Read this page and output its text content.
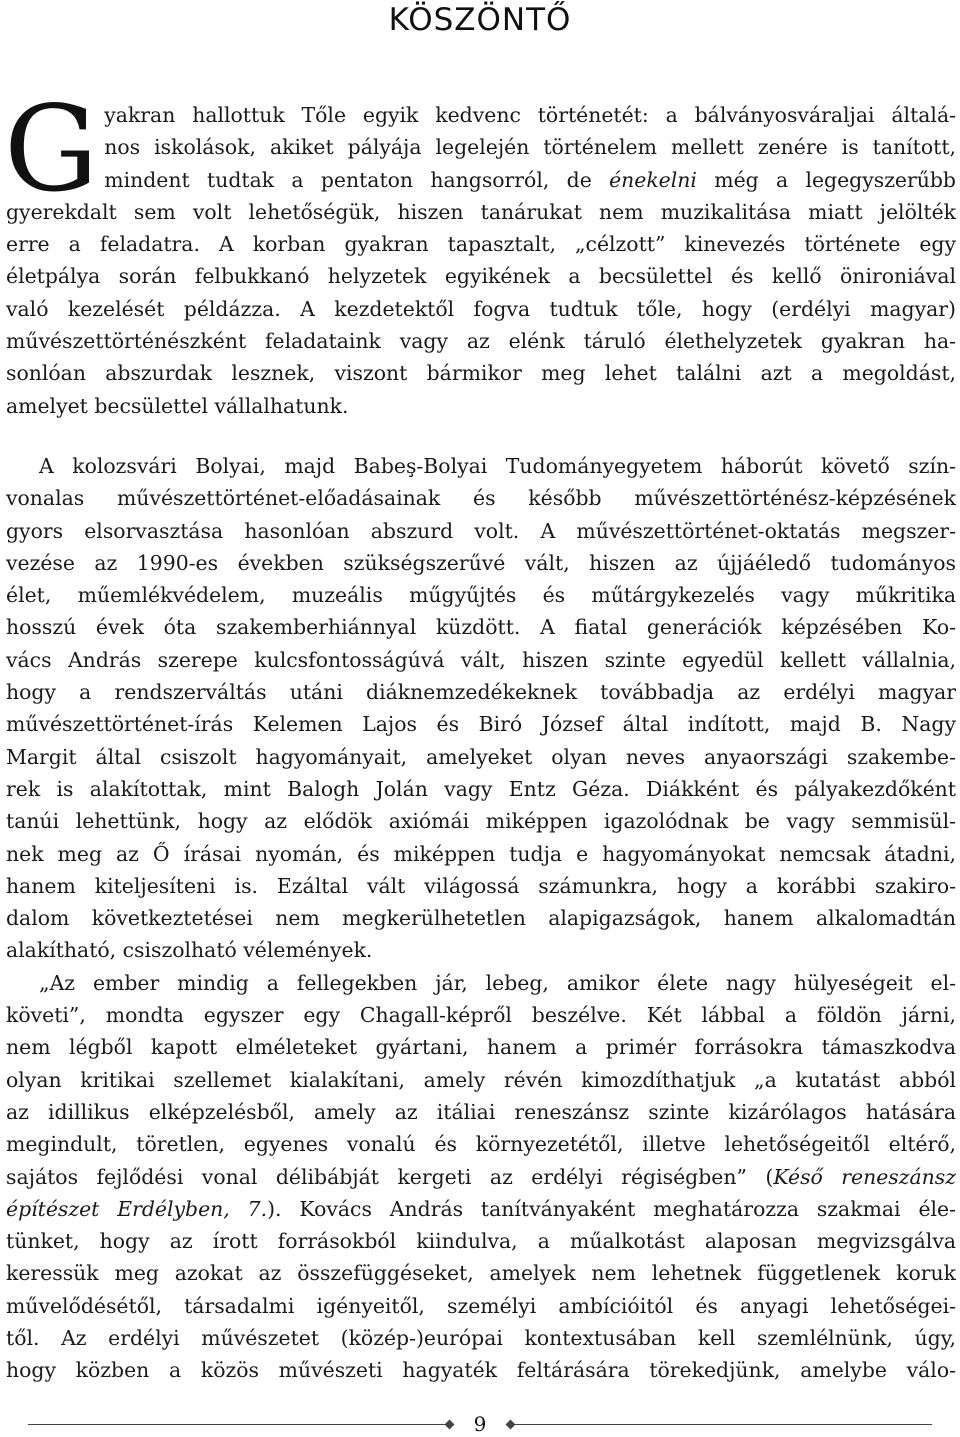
KÖSZÖNTŐ
G yakran hallottuk Tőle egyik kedvenc történetét: a bálványosváraljai általá-
nos iskolások, akiket pályája legelején történelem mellett zenére is tanított,
mindent tudtak a pentaton hangsorról, de énekelni még a legegyszerűbb
gyerekdalt sem volt lehetőségük, hiszen tanárukat nem muzikalitása miatt jelölték
erre a feladatra. A korban gyakran tapasztalt, „célzott” kinevezés története egy
életpálya során felbukkanó helyzetek egyikének a becsülettel és kellő önironiával
való kezelését példázza. A kezdetektől fogva tudtuk tőle, hogy (erdélyi magyar)
művészettörténészként feladataink vagy az elénk táruló élethelyzetek gyakran ha-
sonlóan abszurdak lesznek, viszont bármikor meg lehet találni azt a megoldást,
amelyet becsülettel vállalhatunk.
A kolozsvári Bolyai, majd Babeş-Bolyai Tudományegyetem háborút követő szín-
vonalas művészettörténet-előadásainak és később művészettörténész-képzésének
gyors elsorvasztása hasonlóan abszurd volt. A művészettörténet-oktatás megszer-
vezése az 1990-es években szükségszerűvé vált, hiszen az újjáéledő tudományos
élet, műemlékvédelem, muzeális műgyűjtés és műtárgykezelés vagy műkritika
hosszú évek óta szakemberhiánnyal küzdött. A fiatal generációk képzésében Ko-
vács András szerepe kulcsfontosságúvá vált, hiszen szinte egyedül kellett vállalnia,
hogy a rendszerváltás utáni diáknemzedékeknek továbbadja az erdélyi magyar
művészettörténet-írás Kelemen Lajos és Biró József által indított, majd B. Nagy
Margit által csiszolt hagyományait, amelyeket olyan neves anyaországi szakembe-
rek is alakítottak, mint Balogh Jolán vagy Entz Géza. Diákként és pályakezdőként
tanúi lehettünk, hogy az elődök axiómái miképpen igazolódnak be vagy semmisül-
nek meg az Ő írásai nyomán, és miképpen tudja e hagyományokat nemcsak átadni,
hanem kiteljesíteni is. Ezáltal vált világossá számunkra, hogy a korábbi szakiro-
dalom következtetései nem megkerülhetetlen alapigazságok, hanem alkalomadtán
alakítható, csiszolható vélemények.
„Az ember mindig a fellegekben jár, lebeg, amikor élete nagy hülyeségeit el-
követi”, mondta egyszer egy Chagall-képről beszélve. Két lábbal a földön járni,
nem légből kapott elméleteket gyártani, hanem a primér forrásokra támaszkodva
olyan kritikai szellemet kialakítani, amely révén kimozdíthatjuk „a kutatást abból
az idillikus elképzelésből, amely az itáliai reneszánsz szinte kizárólagos hatására
megindult, töretlen, egyenes vonalú és környezetétől, illetve lehetőségeitől eltérő,
sajátos fejlődési vonal délibábját kergeti az erdélyi régiségben” (Késő reneszánsz
építészet Erdélyben, 7.). Kovács András tanítványaként meghatározza szakmai éle-
tünket, hogy az írott forrásokból kiindulva, a műalkotást alaposan megvizsgálva
keressük meg azokat az összefüggéseket, amelyek nem lehetnek függetlenek koruk
művelődésétől, társadalmi igényeitől, személyi ambícióitól és anyagi lehetőségei-
től. Az erdélyi művészetet (közép-)európai kontextusában kell szemlélnünk, úgy,
hogy közben a közös művészeti hagyaték feltárására törekedjünk, amelybe válo-
9
